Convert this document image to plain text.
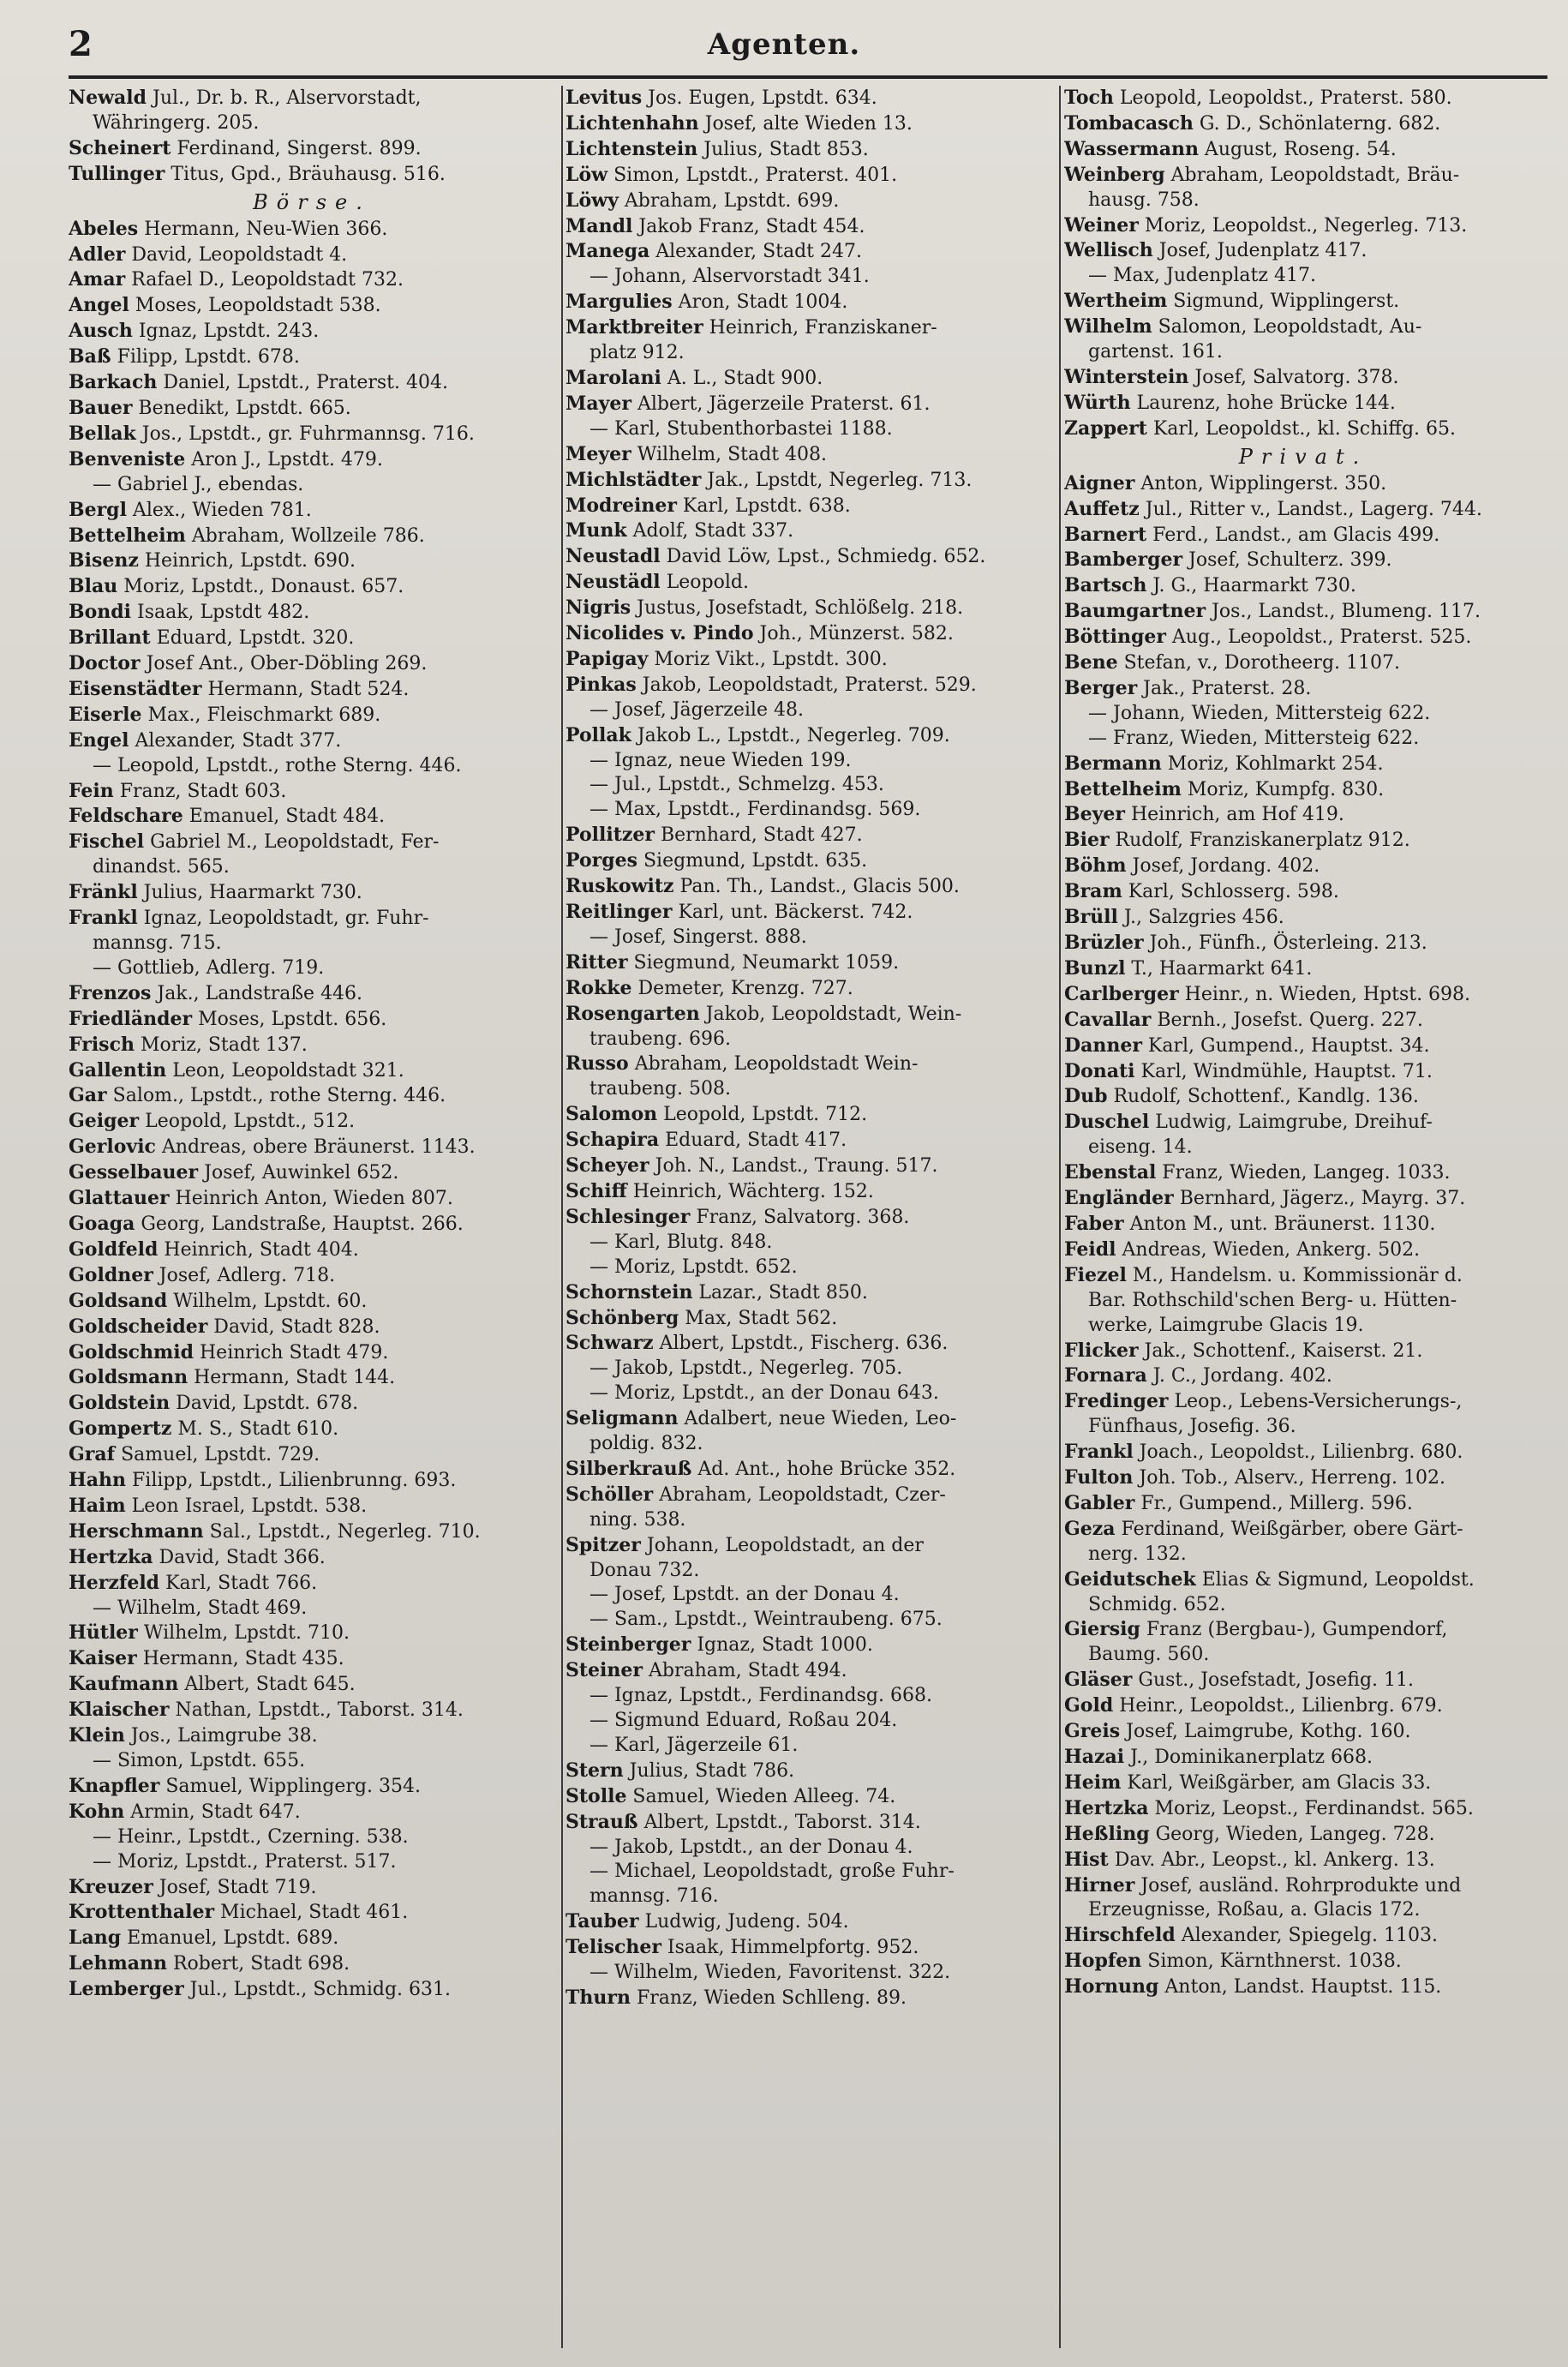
2	Agenten.
Newald Jul., Dr. b. R., Alservorstadt,
Währingerg. 205.
Scheinert Ferdinand, Singerst. 899.
Tullinger Titus, Gpd., Bräuhausg. 516.
Börse.
Abeles Hermann, Neu-Wien 366.
Adler David, Leopoldstadt 4.
Amar Rafael D., Leopoldstadt 732.
Angel Moses, Leopoldstadt 538.
Ausch Ignaz, Lpstdt. 243.
Baß Filipp, Lpstdt. 678.
Barkach Daniel, Lpstdt., Praterst. 404.
Bauer Benedikt, Lpstdt. 665.
Bellak Jos., Lpstdt., gr. Fuhrmannsg. 716.
Benveniste Aron J., Lpstdt. 479.
— Gabriel J., ebendas.
Bergl Alex., Wieden 781.
Bettelheim Abraham, Wollzeile 786.
Bisenz Heinrich, Lpstdt. 690.
Blau Moriz, Lpstdt., Donaust. 657.
Bondi Isaak, Lpstdt 482.
Brillant Eduard, Lpstdt. 320.
Doctor Josef Ant., Ober-Döbling 269.
Eisenstädter Hermann, Stadt 524.
Eiserle Max., Fleischmarkt 689.
Engel Alexander, Stadt 377.
— Leopold, Lpstdt., rothe Sterng. 446.
Fein Franz, Stadt 603.
Feldschare Emanuel, Stadt 484.
Fischel Gabriel M., Leopoldstadt, Fer-
dinandst. 565.
Fränkl Julius, Haarmarkt 730.
Frankl Ignaz, Leopoldstadt, gr. Fuhr-
mannsg. 715.
— Gottlieb, Adlerg. 719.
Frenzos Jak., Landstraße 446.
Friedländer Moses, Lpstdt. 656.
Frisch Moriz, Stadt 137.
Gallentin Leon, Leopoldstadt 321.
Gar Salom., Lpstdt., rothe Sterng. 446.
Geiger Leopold, Lpstdt., 512.
Gerlovic Andreas, obere Bräunerst. 1143.
Gesselbauer Josef, Auwinkel 652.
Glattauer Heinrich Anton, Wieden 807.
Goaga Georg, Landstraße, Hauptst. 266.
Goldfeld Heinrich, Stadt 404.
Goldner Josef, Adlerg. 718.
Goldsand Wilhelm, Lpstdt. 60.
Goldscheider David, Stadt 828.
Goldschmid Heinrich Stadt 479.
Goldsmann Hermann, Stadt 144.
Goldstein David, Lpstdt. 678.
Gompertz M. S., Stadt 610.
Graf Samuel, Lpstdt. 729.
Hahn Filipp, Lpstdt., Lilienbrunng. 693.
Haim Leon Israel, Lpstdt. 538.
Herschmann Sal., Lpstdt., Negerleg. 710.
Hertzka David, Stadt 366.
Herzfeld Karl, Stadt 766.
— Wilhelm, Stadt 469.
Hütler Wilhelm, Lpstdt. 710.
Kaiser Hermann, Stadt 435.
Kaufmann Albert, Stadt 645.
Klaischer Nathan, Lpstdt., Taborst. 314.
Klein Jos., Laimgrube 38.
— Simon, Lpstdt. 655.
Knapfler Samuel, Wipplingerg. 354.
Kohn Armin, Stadt 647.
— Heinr., Lpstdt., Czerning. 538.
— Moriz, Lpstdt., Praterst. 517.
Kreuzer Josef, Stadt 719.
Krottenthaler Michael, Stadt 461.
Lang Emanuel, Lpstdt. 689.
Lehmann Robert, Stadt 698.
Lemberger Jul., Lpstdt., Schmidg. 631.
Levitus Jos. Eugen, Lpstdt. 634.
Lichtenhahn Josef, alte Wieden 13.
Lichtenstein Julius, Stadt 853.
Löw Simon, Lpstdt., Praterst. 401.
Löwy Abraham, Lpstdt. 699.
Mandl Jakob Franz, Stadt 454.
Manega Alexander, Stadt 247.
— Johann, Alservorstadt 341.
Margulies Aron, Stadt 1004.
Marktbreiter Heinrich, Franziskaner-
platz 912.
Marolani A. L., Stadt 900.
Mayer Albert, Jägerzeile Praterst. 61.
— Karl, Stubenthorbastei 1188.
Meyer Wilhelm, Stadt 408.
Michlstädter Jak., Lpstdt, Negerleg. 713.
Modreiner Karl, Lpstdt. 638.
Munk Adolf, Stadt 337.
Neustadl David Löw, Lpst., Schmiedg. 652.
Neustädl Leopold.
Nigris Justus, Josefstadt, Schlößelg. 218.
Nicolides v. Pindo Joh., Münzerst. 582.
Papigay Moriz Vikt., Lpstdt. 300.
Pinkas Jakob, Leopoldstadt, Praterst. 529.
— Josef, Jägerzeile 48.
Pollak Jakob L., Lpstdt., Negerleg. 709.
— Ignaz, neue Wieden 199.
— Jul., Lpstdt., Schmelzg. 453.
— Max, Lpstdt., Ferdinandsg. 569.
Pollitzer Bernhard, Stadt 427.
Porges Siegmund, Lpstdt. 635.
Ruskowitz Pan. Th., Landst., Glacis 500.
Reitlinger Karl, unt. Bäckerst. 742.
— Josef, Singerst. 888.
Ritter Siegmund, Neumarkt 1059.
Rokke Demeter, Krenzg. 727.
Rosengarten Jakob, Leopoldstadt, Wein-
traubeng. 696.
Russo Abraham, Leopoldstadt Wein-
traubeng. 508.
Salomon Leopold, Lpstdt. 712.
Schapira Eduard, Stadt 417.
Scheyer Joh. N., Landst., Traung. 517.
Schiff Heinrich, Wächterg. 152.
Schlesinger Franz, Salvatorg. 368.
— Karl, Blutg. 848.
— Moriz, Lpstdt. 652.
Schornstein Lazar., Stadt 850.
Schönberg Max, Stadt 562.
Schwarz Albert, Lpstdt., Fischerg. 636.
— Jakob, Lpstdt., Negerleg. 705.
— Moriz, Lpstdt., an der Donau 643.
Seligmann Adalbert, neue Wieden, Leo-
poldig. 832.
Silberkrauß Ad. Ant., hohe Brücke 352.
Schöller Abraham, Leopoldstadt, Czer-
ning. 538.
Spitzer Johann, Leopoldstadt, an der
Donau 732.
— Josef, Lpstdt. an der Donau 4.
— Sam., Lpstdt., Weintraubeng. 675.
Steinberger Ignaz, Stadt 1000.
Steiner Abraham, Stadt 494.
— Ignaz, Lpstdt., Ferdinandsg. 668.
— Sigmund Eduard, Roßau 204.
— Karl, Jägerzeile 61.
Stern Julius, Stadt 786.
Stolle Samuel, Wieden Alleeg. 74.
Strauß Albert, Lpstdt., Taborst. 314.
— Jakob, Lpstdt., an der Donau 4.
— Michael, Leopoldstadt, große Fuhr-
mannsg. 716.
Tauber Ludwig, Judeng. 504.
Telischer Isaak, Himmelpfortg. 952.
— Wilhelm, Wieden, Favoritenst. 322.
Thurn Franz, Wieden Schlleng. 89.
Toch Leopold, Leopoldst., Praterst. 580.
Tombacasch G. D., Schönlaterng. 682.
Wassermann August, Roseng. 54.
Weinberg Abraham, Leopoldstadt, Bräu-
hausg. 758.
Weiner Moriz, Leopoldst., Negerleg. 713.
Wellisch Josef, Judenplatz 417.
— Max, Judenplatz 417.
Wertheim Sigmund, Wipplingerst.
Wilhelm Salomon, Leopoldstadt, Au-
gartenst. 161.
Winterstein Josef, Salvatorg. 378.
Würth Laurenz, hohe Brücke 144.
Zappert Karl, Leopoldst., kl. Schiffg. 65.
Privat.
Aigner Anton, Wipplingerst. 350.
Auffetz Jul., Ritter v., Landst., Lagerg. 744.
Barnert Ferd., Landst., am Glacis 499.
Bamberger Josef, Schulterz. 399.
Bartsch J. G., Haarmarkt 730.
Baumgartner Jos., Landst., Blumeng. 117.
Böttinger Aug., Leopoldst., Praterst. 525.
Bene Stefan, v., Dorotheerg. 1107.
Berger Jak., Praterst. 28.
— Johann, Wieden, Mittersteig 622.
— Franz, Wieden, Mittersteig 622.
Bermann Moriz, Kohlmarkt 254.
Bettelheim Moriz, Kumpfg. 830.
Beyer Heinrich, am Hof 419.
Bier Rudolf, Franziskanerplatz 912.
Böhm Josef, Jordang. 402.
Bram Karl, Schlosserg. 598.
Brüll J., Salzgries 456.
Brüzler Joh., Fünfh., Österleing. 213.
Bunzl T., Haarmarkt 641.
Carlberger Heinr., n. Wieden, Hptst. 698.
Cavallar Bernh., Josefst. Querg. 227.
Danner Karl, Gumpend., Hauptst. 34.
Donati Karl, Windmühle, Hauptst. 71.
Dub Rudolf, Schottenf., Kandlg. 136.
Duschel Ludwig, Laimgrube, Dreihuf-
eiseng. 14.
Ebenstal Franz, Wieden, Langeg. 1033.
Engländer Bernhard, Jägerz., Mayrg. 37.
Faber Anton M., unt. Bräunerst. 1130.
Feidl Andreas, Wieden, Ankerg. 502.
Fiezel M., Handelsm. u. Kommissionär d.
Bar. Rothschild'schen Berg- u. Hütten-
werke, Laimgrube Glacis 19.
Flicker Jak., Schottenf., Kaiserst. 21.
Fornara J. C., Jordang. 402.
Fredinger Leop., Lebens-Versicherungs-,
Fünfhaus, Josefig. 36.
Frankl Joach., Leopoldst., Lilienbrg. 680.
Fulton Joh. Tob., Alserv., Herreng. 102.
Gabler Fr., Gumpend., Millerg. 596.
Geza Ferdinand, Weißgärber, obere Gärt-
nerg. 132.
Geidutschek Elias & Sigmund, Leopoldst.
Schmidg. 652.
Giersig Franz (Bergbau-), Gumpendorf,
Baumg. 560.
Gläser Gust., Josefstadt, Josefig. 11.
Gold Heinr., Leopoldst., Lilienbrg. 679.
Greis Josef, Laimgrube, Kothg. 160.
Hazai J., Dominikanerplatz 668.
Heim Karl, Weißgärber, am Glacis 33.
Hertzka Moriz, Leopst., Ferdinandst. 565.
Heßling Georg, Wieden, Langeg. 728.
Hist Dav. Abr., Leopst., kl. Ankerg. 13.
Hirner Josef, ausländ. Rohrprodukte und
Erzeugnisse, Roßau, a. Glacis 172.
Hirschfeld Alexander, Spiegelg. 1103.
Hopfen Simon, Kärnthnerst. 1038.
Hornung Anton, Landst. Hauptst. 115.
